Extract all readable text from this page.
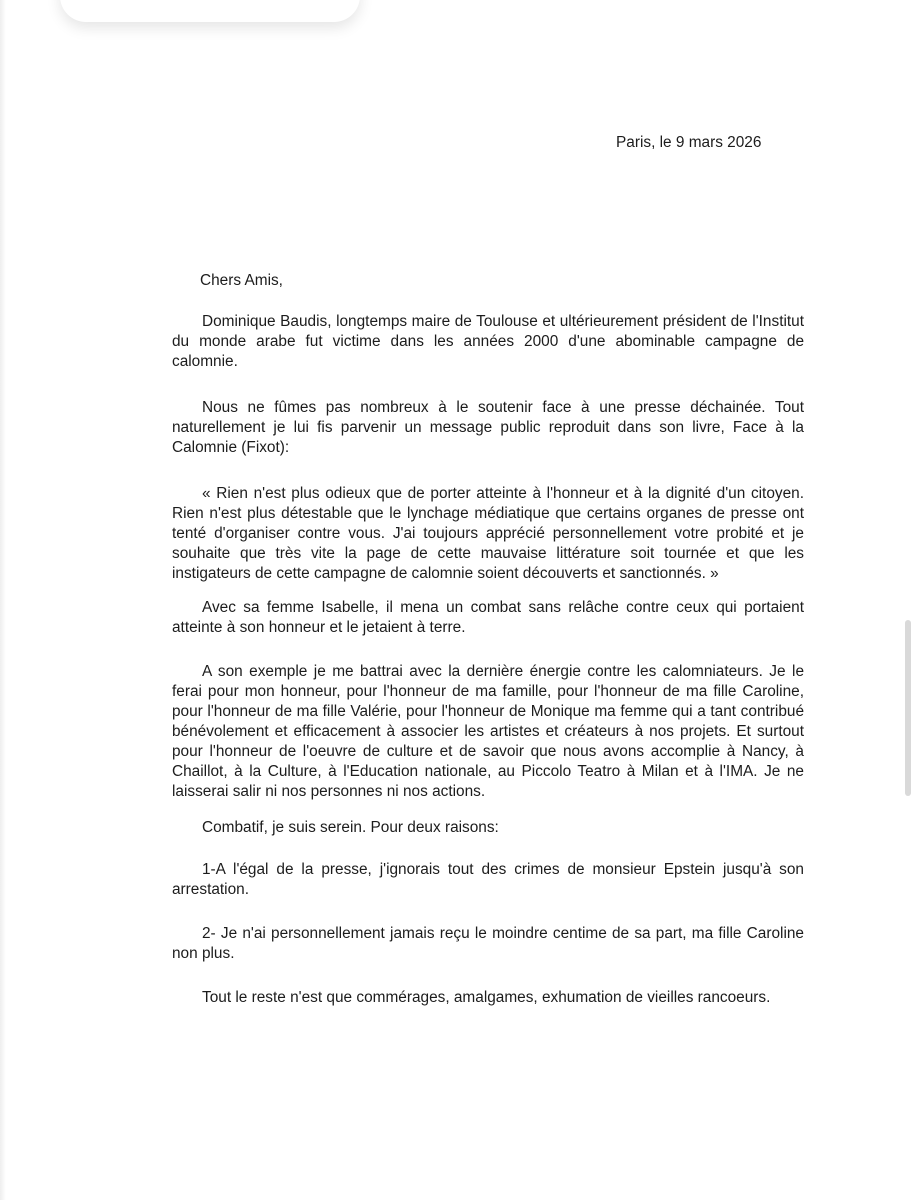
Paris, le 9 mars 2026
Chers Amis,

Dominique Baudis, longtemps maire de Toulouse et ultérieurement président de l'Institut du monde arabe fut victime dans les années 2000 d'une abominable campagne de calomnie.

Nous ne fûmes pas nombreux à le soutenir face à une presse déchainée. Tout naturellement je lui fis parvenir un message public reproduit dans son livre, Face à la Calomnie (Fixot):

« Rien n'est plus odieux que de porter atteinte à l'honneur et à la dignité d'un citoyen. Rien n'est plus détestable que le lynchage médiatique que certains organes de presse ont tenté d'organiser contre vous. J'ai toujours apprécié personnellement votre probité et je souhaite que très vite la page de cette mauvaise littérature soit tournée et que les instigateurs de cette campagne de calomnie soient découverts et sanctionnés. »

Avec sa femme Isabelle, il mena un combat sans relâche contre ceux qui portaient atteinte à son honneur et le jetaient à terre.

A son exemple je me battrai avec la dernière énergie contre les calomniateurs. Je le ferai pour mon honneur, pour l'honneur de ma famille, pour l'honneur de ma fille Caroline, pour l'honneur de ma fille Valérie, pour l'honneur de Monique ma femme qui a tant contribué bénévolement et efficacement à associer les artistes et créateurs à nos projets. Et surtout pour l'honneur de l'oeuvre de culture et de savoir que nous avons accomplie à Nancy, à Chaillot, à la Culture, à l'Education nationale, au Piccolo Teatro à Milan et à l'IMA. Je ne laisserai salir ni nos personnes ni nos actions.

Combatif, je suis serein. Pour deux raisons:

1-A l'égal de la presse, j'ignorais tout des crimes de monsieur Epstein jusqu'à son arrestation.

2- Je n'ai personnellement jamais reçu le moindre centime de sa part, ma fille Caroline non plus.

Tout le reste n'est que commérages, amalgames, exhumation de vieilles rancoeurs.
